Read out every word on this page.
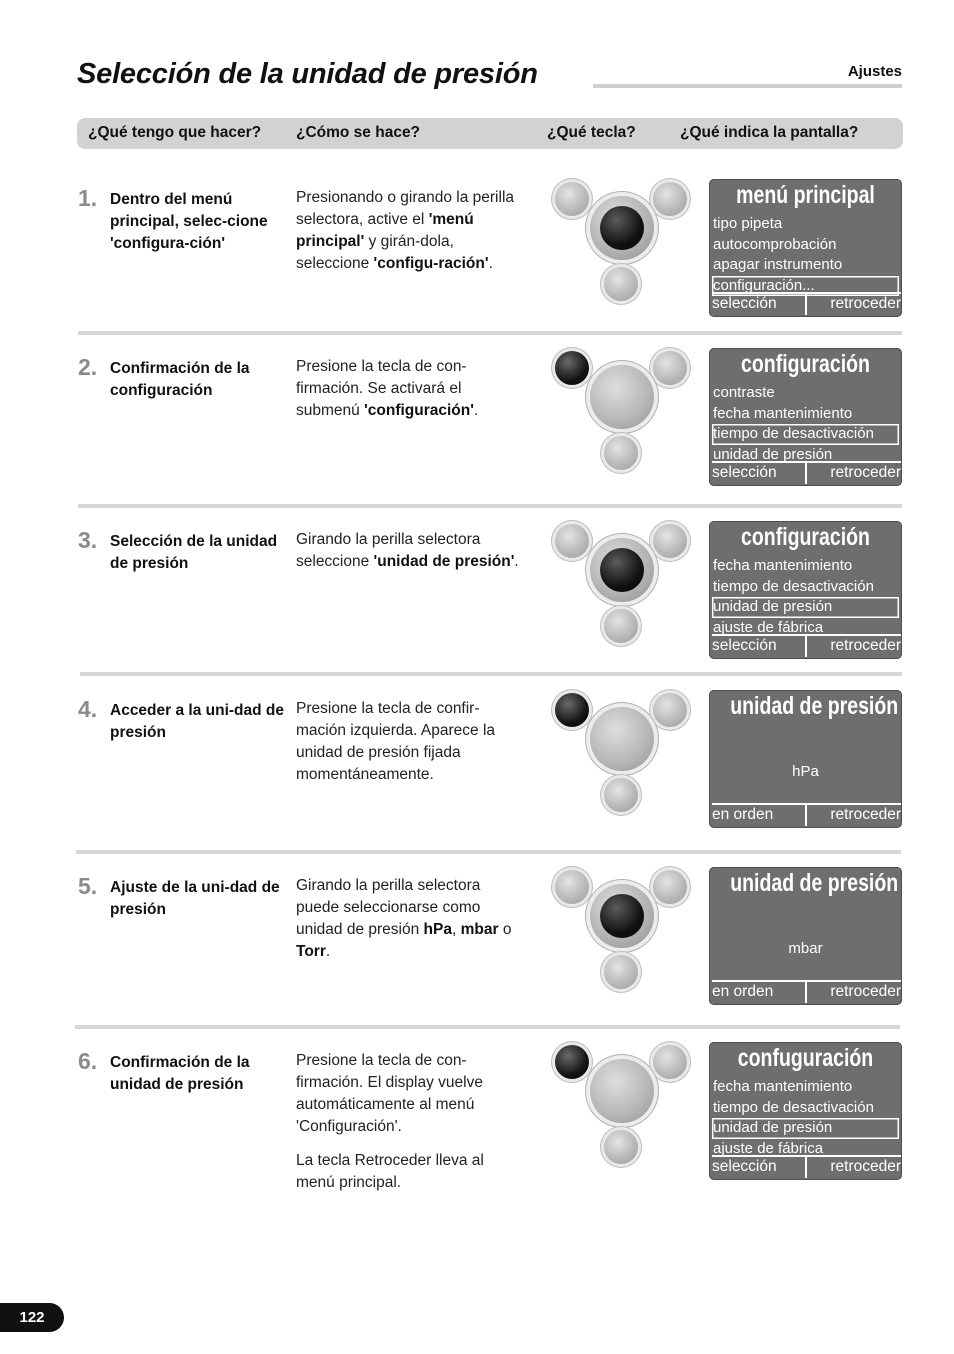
Selección de la unidad de presión	Ajustes
¿Qué tengo que hacer? ¿Cómo se hace?	¿Qué tecla?	¿Qué indica la pantalla?
1. Dentro del menú principal, selec-cione 'configura-ción'
Presionando o girando la perilla selectora, active el 'menú principal' y girán-dola, seleccione 'configu-ración'.
menú principal
tipo pipeta
autocomprobación
apagar instrumento
configuración...
selección	retroceder
2. Confirmación de la configuración
Presione la tecla de con-firmación. Se activará el submenú 'configuración'.
configuración
contraste
fecha mantenimiento
tiempo de desactivación
unidad de presión
selección	retroceder
3. Selección de la unidad de presión
Girando la perilla selectora seleccione 'unidad de presión'.
configuración
fecha mantenimiento
tiempo de desactivación
unidad de presión
ajuste de fábrica
selección	retroceder
4. Acceder a la uni-dad de presión
Presione la tecla de confir-mación izquierda. Aparece la unidad de presión fijada momentáneamente.
unidad de presión
hPa
en orden	retroceder
5. Ajuste de la uni-dad de presión
Girando la perilla selectora puede seleccionarse como unidad de presión hPa, mbar o Torr.
unidad de presión
mbar
en orden	retroceder
6. Confirmación de la unidad de presión

Presione la tecla de con-firmación. El display vuelve automáticamente al menú 'Configuración'.

La tecla Retroceder lleva al menú principal.

confuguración
fecha mantenimiento
tiempo de desactivación
unidad de presión
ajuste de fábrica
selección	retroceder
122
